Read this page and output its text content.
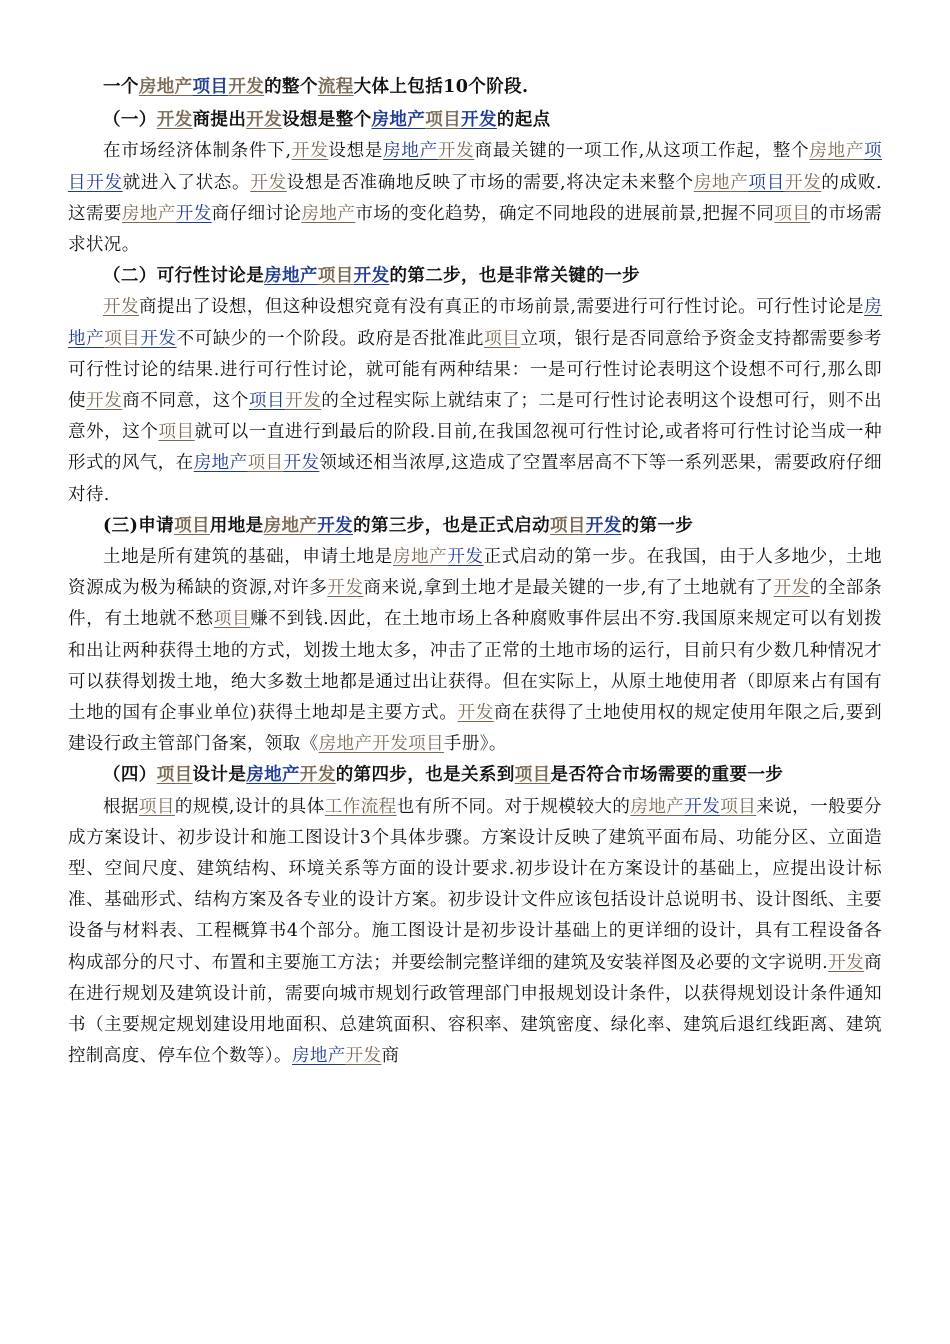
一个房地产项目开发的整个流程大体上包括10个阶段.

（一）开发商提出开发设想是整个房地产项目开发的起点

在市场经济体制条件下,开发设想是房地产开发商最关键的一项工作,从这项工作起，整个房地产项目开发就进入了状态。开发设想是否准确地反映了市场的需要,将决定未来整个房地产项目开发的成败.这需要房地产开发商仔细讨论房地产市场的变化趋势，确定不同地段的进展前景,把握不同项目的市场需求状况。

（二）可行性讨论是房地产项目开发的第二步，也是非常关键的一步

开发商提出了设想，但这种设想究竟有没有真正的市场前景,需要进行可行性讨论。可行性讨论是房地产项目开发不可缺少的一个阶段。政府是否批准此项目立项，银行是否同意给予资金支持都需要参考可行性讨论的结果.进行可行性讨论，就可能有两种结果：一是可行性讨论表明这个设想不可行,那么即使开发商不同意，这个项目开发的全过程实际上就结束了；二是可行性讨论表明这个设想可行，则不出意外，这个项目就可以一直进行到最后的阶段.目前,在我国忽视可行性讨论,或者将可行性讨论当成一种形式的风气，在房地产项目开发领域还相当浓厚,这造成了空置率居高不下等一系列恶果，需要政府仔细对待.

(三)申请项目用地是房地产开发的第三步，也是正式启动项目开发的第一步

土地是所有建筑的基础，申请土地是房地产开发正式启动的第一步。在我国，由于人多地少，土地资源成为极为稀缺的资源,对许多开发商来说,拿到土地才是最关键的一步,有了土地就有了开发的全部条件，有土地就不愁项目赚不到钱.因此，在土地市场上各种腐败事件层出不穷.我国原来规定可以有划拨和出让两种获得土地的方式，划拨土地太多，冲击了正常的土地市场的运行，目前只有少数几种情况才可以获得划拨土地，绝大多数土地都是通过出让获得。但在实际上，从原土地使用者（即原来占有国有土地的国有企事业单位)获得土地却是主要方式。开发商在获得了土地使用权的规定使用年限之后,要到建设行政主管部门备案，领取《房地产开发项目手册》。

（四）项目设计是房地产开发的第四步，也是关系到项目是否符合市场需要的重要一步

根据项目的规模,设计的具体工作流程也有所不同。对于规模较大的房地产开发项目来说，一般要分成方案设计、初步设计和施工图设计3个具体步骤。方案设计反映了建筑平面布局、功能分区、立面造型、空间尺度、建筑结构、环境关系等方面的设计要求.初步设计在方案设计的基础上，应提出设计标准、基础形式、结构方案及各专业的设计方案。初步设计文件应该包括设计总说明书、设计图纸、主要设备与材料表、工程概算书4个部分。施工图设计是初步设计基础上的更详细的设计，具有工程设备各构成部分的尺寸、布置和主要施工方法；并要绘制完整详细的建筑及安装祥图及必要的文字说明.开发商在进行规划及建筑设计前，需要向城市规划行政管理部门申报规划设计条件，以获得规划设计条件通知书（主要规定规划建设用地面积、总建筑面积、容积率、建筑密度、绿化率、建筑后退红线距离、建筑控制高度、停车位个数等）。房地产开发商
